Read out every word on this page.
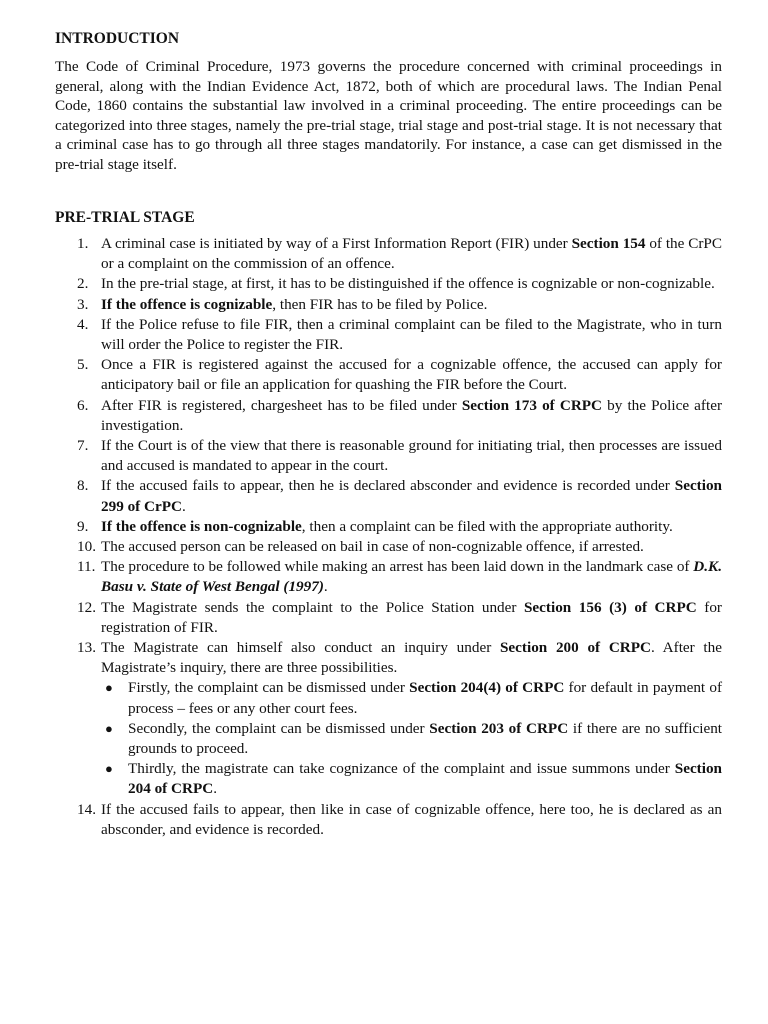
INTRODUCTION

The Code of Criminal Procedure, 1973 governs the procedure concerned with criminal proceedings in general, along with the Indian Evidence Act, 1872, both of which are procedural laws. The Indian Penal Code, 1860 contains the substantial law involved in a criminal proceeding. The entire proceedings can be categorized into three stages, namely the pre-trial stage, trial stage and post-trial stage. It is not necessary that a criminal case has to go through all three stages mandatorily. For instance, a case can get dismissed in the pre-trial stage itself.

PRE-TRIAL STAGE
1. A criminal case is initiated by way of a First Information Report (FIR) under Section 154 of the CrPC or a complaint on the commission of an offence.
2. In the pre-trial stage, at first, it has to be distinguished if the offence is cognizable or non-cognizable.
3. If the offence is cognizable, then FIR has to be filed by Police.
4. If the Police refuse to file FIR, then a criminal complaint can be filed to the Magistrate, who in turn will order the Police to register the FIR.
5. Once a FIR is registered against the accused for a cognizable offence, the accused can apply for anticipatory bail or file an application for quashing the FIR before the Court.
6. After FIR is registered, chargesheet has to be filed under Section 173 of CRPC by the Police after investigation.
7. If the Court is of the view that there is reasonable ground for initiating trial, then processes are issued and accused is mandated to appear in the court.
8. If the accused fails to appear, then he is declared absconder and evidence is recorded under Section 299 of CrPC.
9. If the offence is non-cognizable, then a complaint can be filed with the appropriate authority.
10. The accused person can be released on bail in case of non-cognizable offence, if arrested.
11. The procedure to be followed while making an arrest has been laid down in the landmark case of D.K. Basu v. State of West Bengal (1997).
12. The Magistrate sends the complaint to the Police Station under Section 156 (3) of CRPC for registration of FIR.
13. The Magistrate can himself also conduct an inquiry under Section 200 of CRPC. After the Magistrate’s inquiry, there are three possibilities.
● Firstly, the complaint can be dismissed under Section 204(4) of CRPC for default in payment of process – fees or any other court fees.
● Secondly, the complaint can be dismissed under Section 203 of CRPC if there are no sufficient grounds to proceed.
● Thirdly, the magistrate can take cognizance of the complaint and issue summons under Section 204 of CRPC.
14. If the accused fails to appear, then like in case of cognizable offence, here too, he is declared as an absconder, and evidence is recorded.
